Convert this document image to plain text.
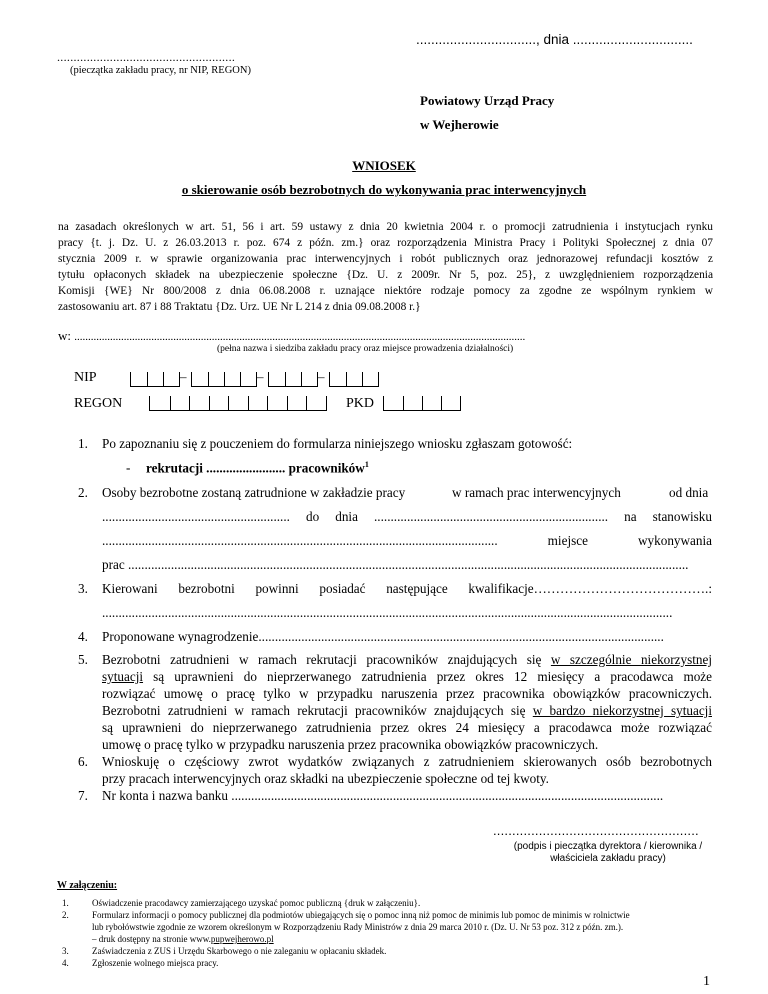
................................, dnia ................................
......................................................
(pieczątka zakładu pracy, nr NIP, REGON)
Powiatowy Urząd Pracy
w Wejherowie
WNIOSEK
o skierowanie osób bezrobotnych do wykonywania prac interwencyjnych
na zasadach określonych w art. 51, 56 i art. 59 ustawy z dnia 20 kwietnia 2004 r. o promocji zatrudnienia i instytucjach rynku
pracy {t. j. Dz. U. z 26.03.2013 r. poz. 674 z późn. zm.} oraz rozporządzenia Ministra Pracy i Polityki Społecznej z dnia 07
stycznia 2009 r. w sprawie organizowania prac interwencyjnych i robót publicznych oraz jednorazowej refundacji kosztów z
tytułu opłaconych składek na ubezpieczenie społeczne {Dz. U. z 2009r. Nr 5, poz. 25}, z uwzględnieniem rozporządzenia
Komisji {WE} Nr 800/2008 z dnia 06.08.2008 r. uznające niektóre rodzaje pomocy za zgodne ze wspólnym rynkiem w
zastosowaniu art. 87 i 88 Traktatu {Dz. Urz. UE Nr L 214 z dnia 09.08.2008 r.}
w: ....................................................................................................................................................................
(pełna nazwa i siedziba zakładu pracy oraz miejsce prowadzenia działalności)
NIP	–	–	–
REGON	PKD
1. Po zapoznaniu się z pouczeniem do formularza niniejszego wniosku zgłaszam gotowość:
- rekrutacji ........................ pracowników$^1$
2. Osoby bezrobotne zostaną zatrudnione w zakładzie pracy	w ramach prac interwencyjnych	od dnia
......................................................... do dnia ....................................................................... na stanowisku
........................................................................................................................ miejsce wykonywania
prac ..........................................................................................................................................................................
3. Kierowani bezrobotni powinni posiadać następujące kwalifikacje………………………………….:
.............................................................................................................................................................................
4. Proponowane wynagrodzenie...........................................................................................................................
5. Bezrobotni zatrudnieni w ramach rekrutacji pracowników znajdujących się w szczególnie niekorzystnej
sytuacji są uprawnieni do nieprzerwanego zatrudnienia przez okres 12 miesięcy a pracodawca może
rozwiązać umowę o pracę tylko w przypadku naruszenia przez pracownika obowiązków pracowniczych.
Bezrobotni zatrudnieni w ramach rekrutacji pracowników znajdujących się w bardzo niekorzystnej sytuacji
są uprawnieni do nieprzerwanego zatrudnienia przez okres 24 miesięcy a pracodawca może rozwiązać
umowę o pracę tylko w przypadku naruszenia przez pracownika obowiązków pracowniczych.
6. Wnioskuję o częściowy zwrot wydatków związanych z zatrudnieniem skierowanych osób bezrobotnych
przy pracach interwencyjnych oraz składki na ubezpieczenie społeczne od tej kwoty.
7. Nr konta i nazwa banku ...................................................................................................................................
......................................................
(podpis i pieczątka dyrektora / kierownika /
właściciela zakładu pracy)
W załączeniu:
1.	Oświadczenie pracodawcy zamierzającego uzyskać pomoc publiczną {druk w załączeniu}.
2.	Formularz informacji o pomocy publicznej dla podmiotów ubiegających się o pomoc inną niż pomoc de minimis lub pomoc de minimis w rolnictwie
lub rybołówstwie zgodnie ze wzorem określonym w Rozporządzeniu Rady Ministrów z dnia 29 marca 2010 r. (Dz. U. Nr 53 poz. 312 z późn. zm.).
– druk dostępny na stronie www.pupwejherowo.pl
3.	Zaświadczenia z ZUS i Urzędu Skarbowego o nie zaleganiu w opłacaniu składek.
4.	Zgłoszenie wolnego miejsca pracy.
1
